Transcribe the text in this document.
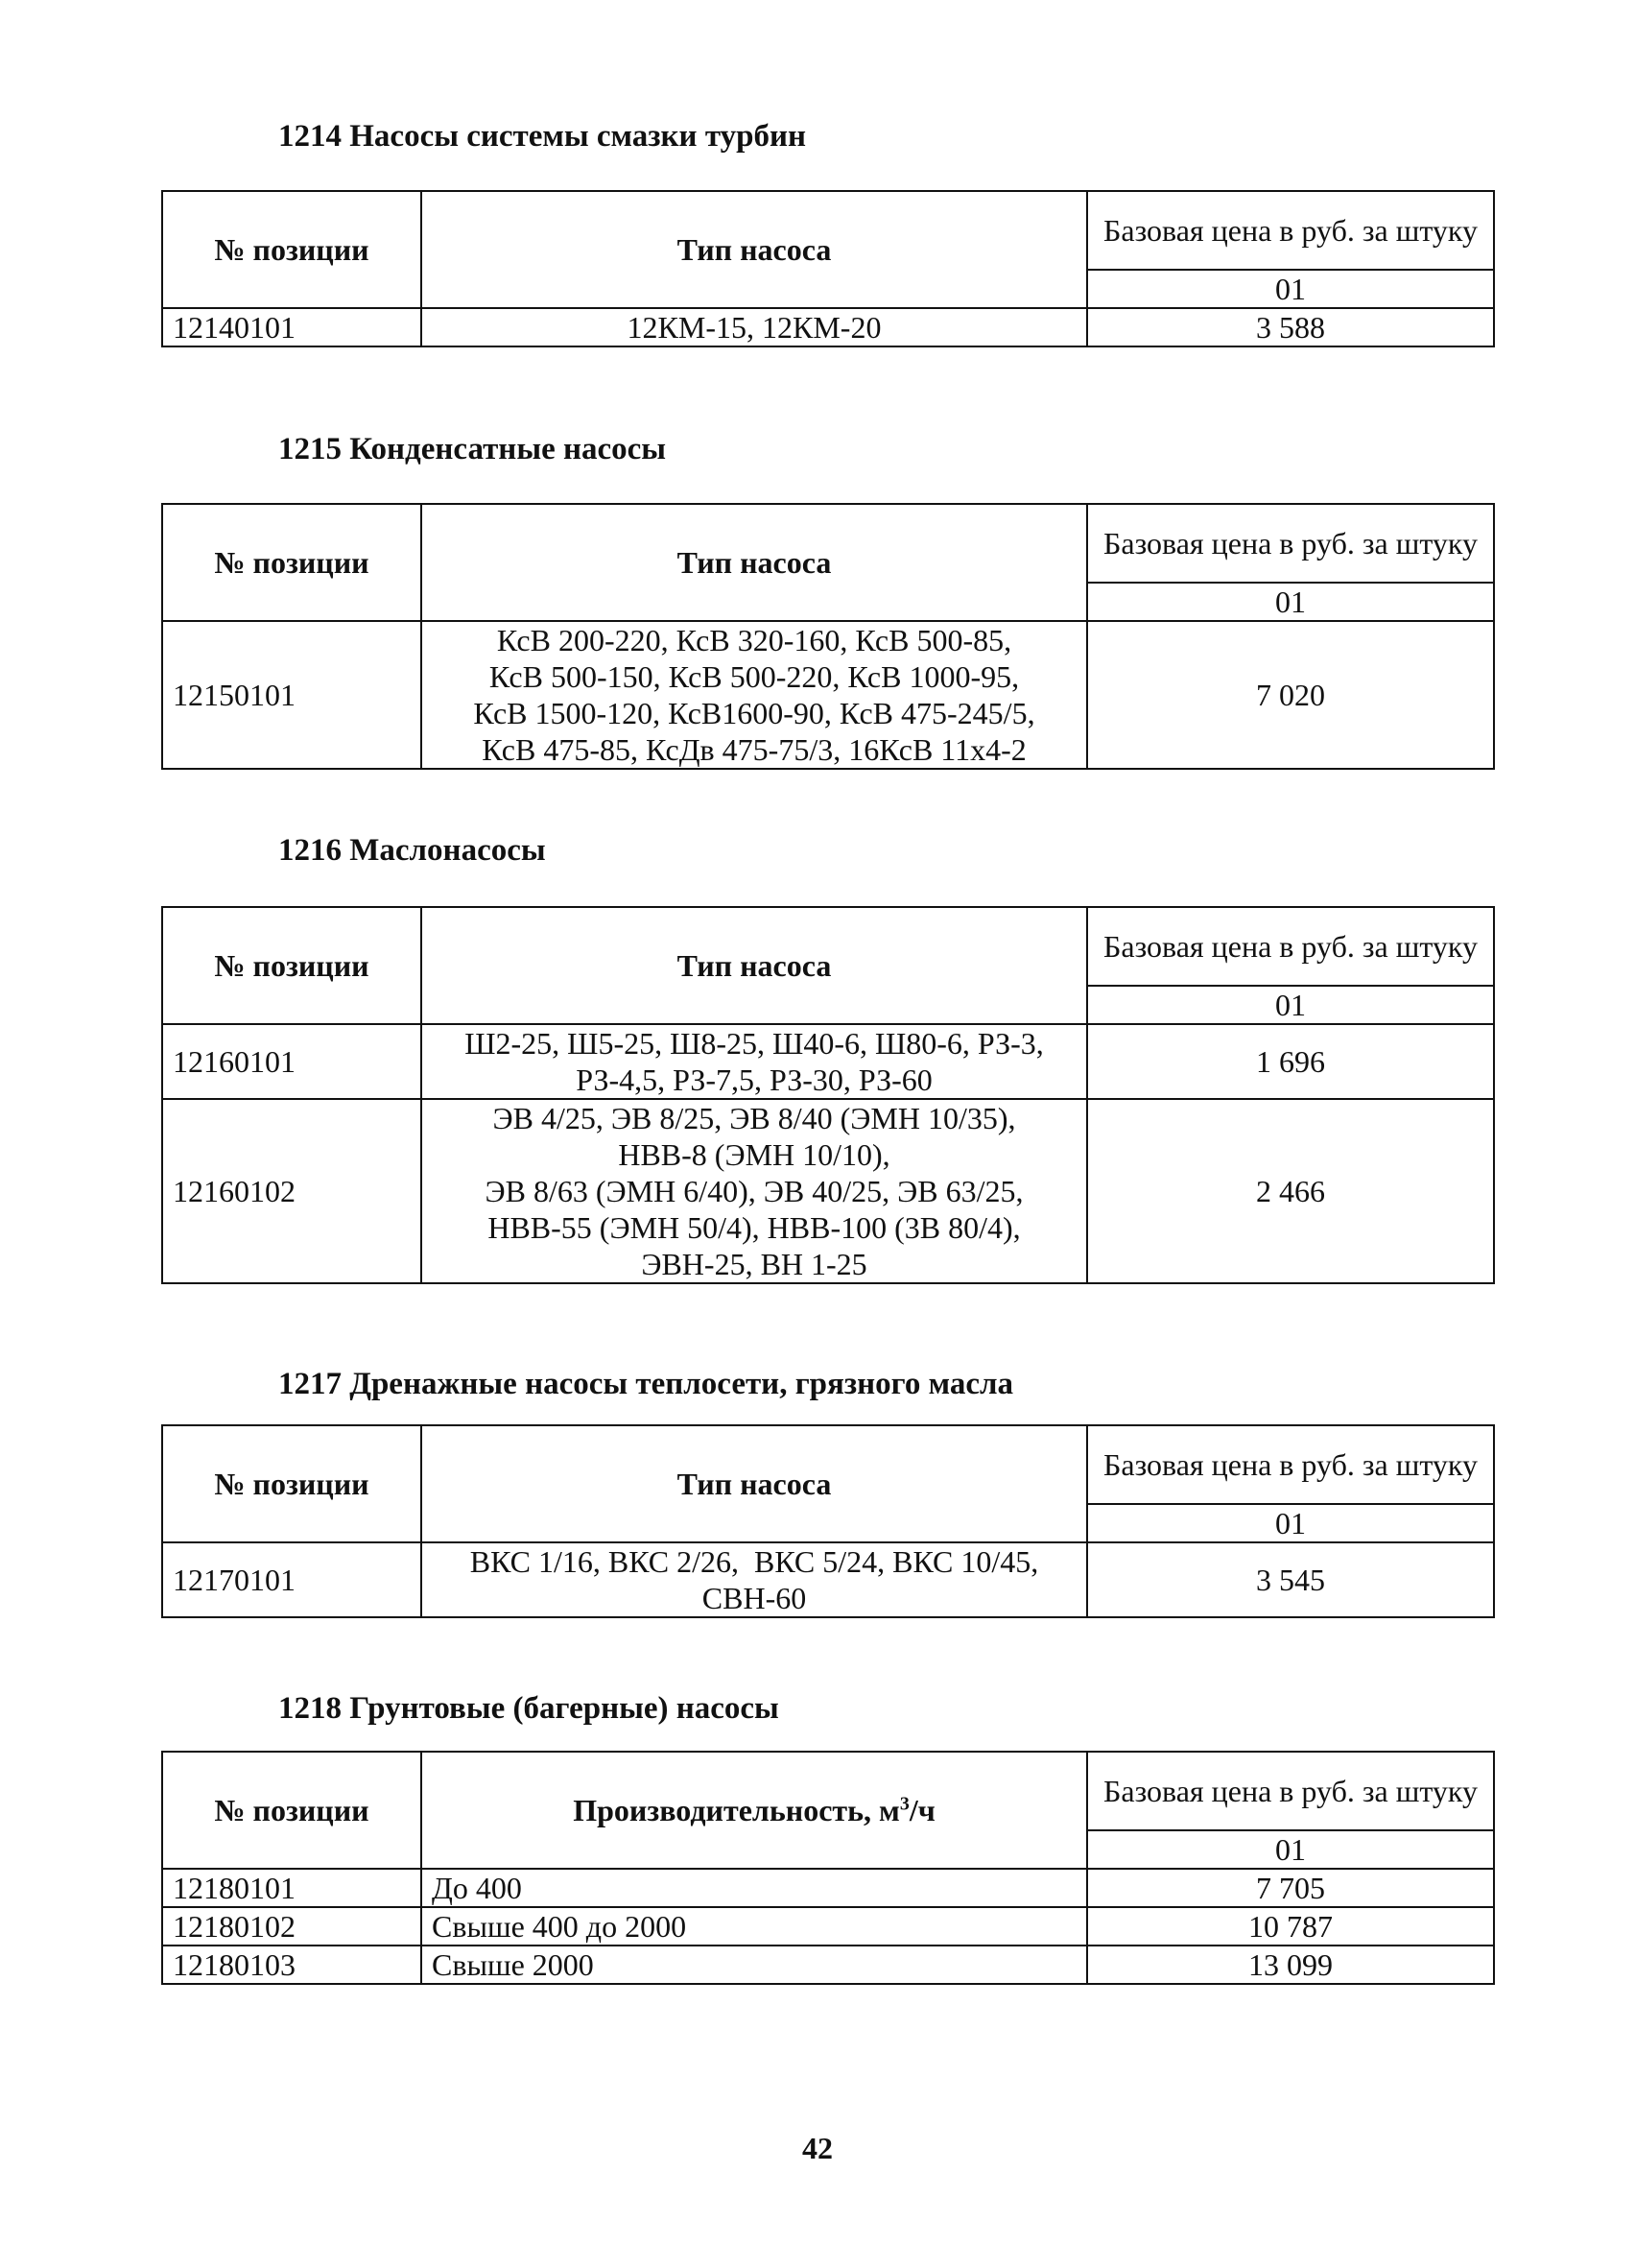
1214 Насосы системы смазки турбин
№ позиции	Тип насоса	Базовая цена в руб. за штуку
		01
12140101	12КМ-15, 12КМ-20	3 588
1215 Конденсатные насосы
№ позиции	Тип насоса	Базовая цена в руб. за штуку
		01
12150101	КсВ 200-220, КсВ 320-160, КсВ 500-85,
КсВ 500-150, КсВ 500-220, КсВ 1000-95,
КсВ 1500-120, КсВ1600-90, КсВ 475-245/5,
КсВ 475-85, КсДв 475-75/3, 16КсВ 11х4-2	7 020
1216 Маслонасосы
№ позиции	Тип насоса	Базовая цена в руб. за штуку
		01
12160101	Ш2-25, Ш5-25, Ш8-25, Ш40-6, Ш80-6, РЗ-3,
РЗ-4,5, РЗ-7,5, РЗ-30, РЗ-60	1 696
12160102	ЭВ 4/25, ЭВ 8/25, ЭВ 8/40 (ЭМН 10/35),
НВВ-8 (ЭМН 10/10),
ЭВ 8/63 (ЭМН 6/40), ЭВ 40/25, ЭВ 63/25,
НВВ-55 (ЭМН 50/4), НВВ-100 (3В 80/4),
ЭВН-25, ВН 1-25	2 466
1217 Дренажные насосы теплосети, грязного масла
№ позиции	Тип насоса	Базовая цена в руб. за штуку
		01
12170101	ВКС 1/16, ВКС 2/26,  ВКС 5/24, ВКС 10/45,
СВН-60	3 545
1218 Грунтовые (багерные) насосы
№ позиции	Производительность, $м^3/ч$	Базовая цена в руб. за штуку
		01
12180101	До 400	7 705
12180102	Свыше 400 до 2000	10 787
12180103	Свыше 2000	13 099
42
